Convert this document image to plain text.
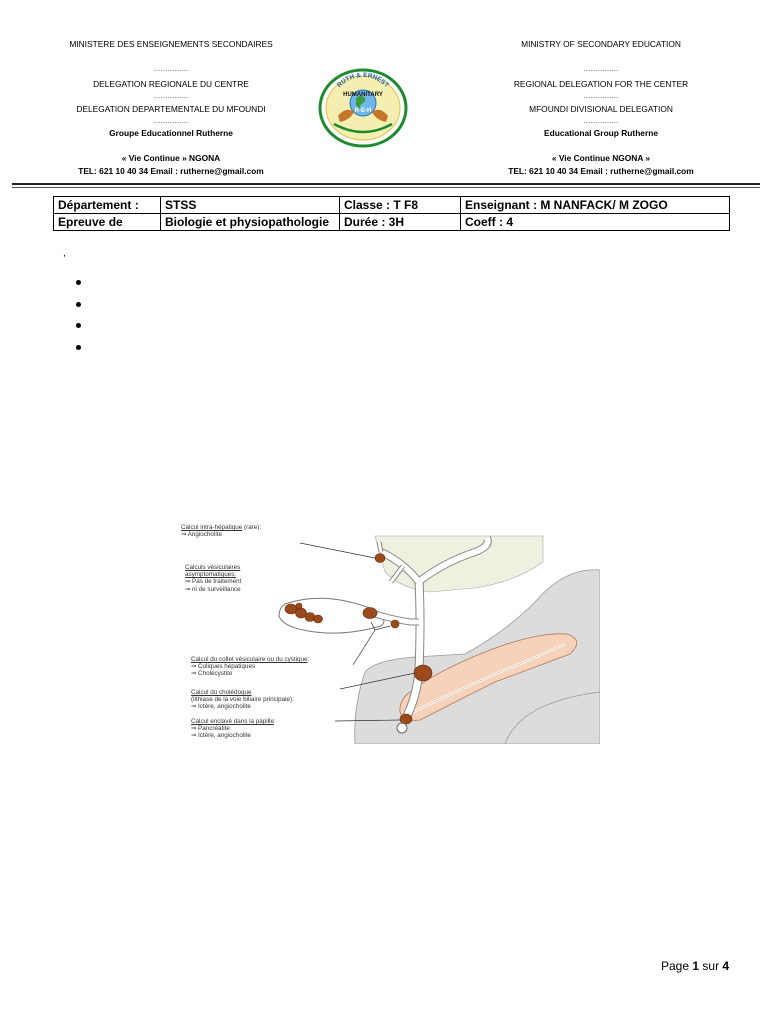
MINISTERE DES ENSEIGNEMENTS SECONDAIRES
……………
DELEGATION REGIONALE DU CENTRE
……………
DELEGATION DEPARTEMENTALE DU MFOUNDI
……………
Groupe Educationnel Rutherne
« Vie Continue » NGONA
TEL: 621 10 40 34 Email : rutherne@gmail.com
MINISTRY OF SECONDARY EDUCATION
……………
REGIONAL DELEGATION FOR THE CENTER
……………
MFOUNDI DIVISIONAL DELEGATION
……………
Educational Group Rutherne
« Vie Continue NGONA »
TEL: 621 10 40 34 Email : rutherne@gmail.com
RUTH & ERNEST
HUMANITARY
R-E-H
Département :	STSS	Classe : T F8	Enseignant : M NANFACK/ M ZOGO
Epreuve de	Biologie et physiopathologie	Durée : 3H	Coeff : 4
,
Calcul intra-hépatique (rare):
⇒ Angiocholite
Calculs vésiculaires asymptomatiques:
⇒ Pas de traitement
⇒ ni de surveillance
Calcul du collet vésiculaire ou du cystique:
⇒ Coliques hépatiques
⇒ Cholécystite
Calcul du cholédoque
(lithiase de la voie biliaire principale):
⇒ Ictère, angiocholite
Calcul enclavé dans la papille:
⇒ Pancréatite
⇒ Ictère, angiocholite
Page 1 sur 4
